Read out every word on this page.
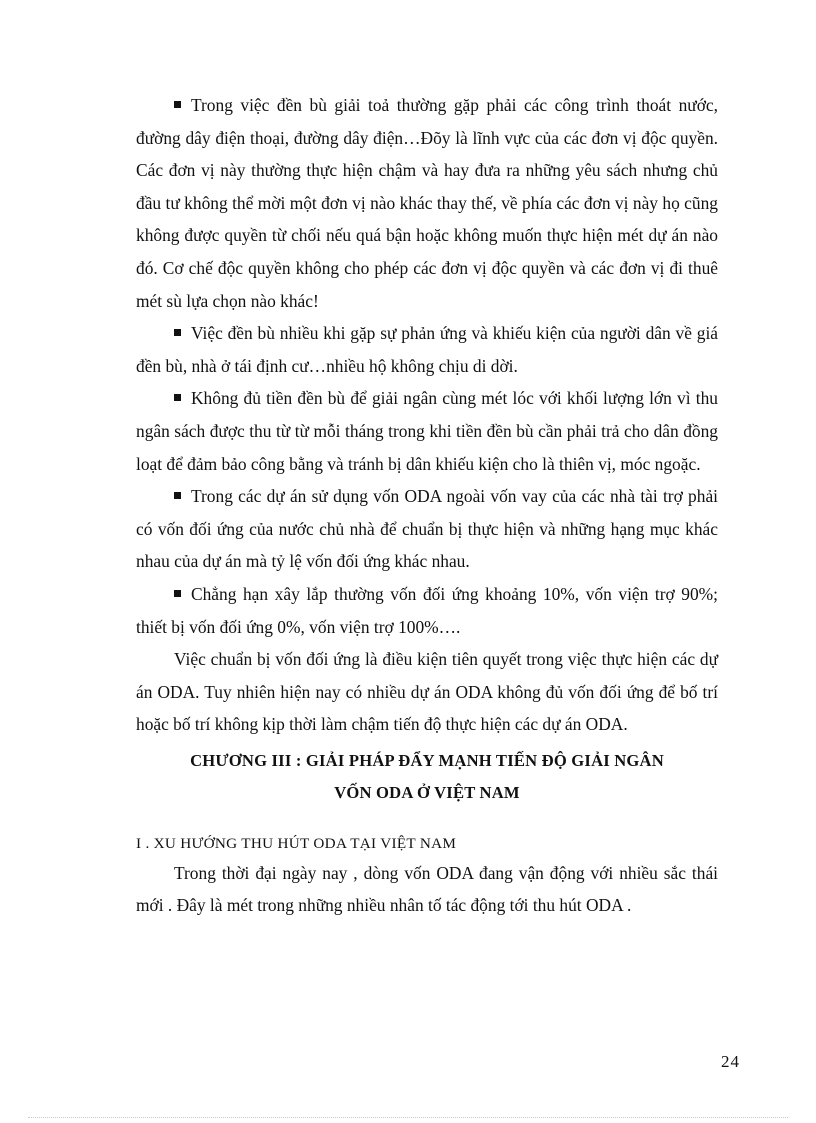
Trong việc đền bù giải toả thường gặp phải các công trình thoát nước, đường dây điện thoại, đường dây điện…Đõy là lĩnh vực của các đơn vị độc quyền. Các đơn vị này thường thực hiện chậm và hay đưa ra những yêu sách nhưng chủ đầu tư không thể mời một đơn vị nào khác thay thế, về phía các đơn vị này họ cũng không được quyền từ chối nếu quá bận hoặc không muốn thực hiện mét dự án nào đó. Cơ chế độc quyền không cho phép các đơn vị độc quyền và các đơn vị đi thuê mét sù lựa chọn nào khác!

Việc đền bù nhiều khi gặp sự phản ứng và khiếu kiện của người dân về giá đền bù, nhà ở tái định cư…nhiều hộ không chịu di dời.

Không đủ tiền đền bù để giải ngân cùng mét lóc với khối lượng lớn vì thu ngân sách được thu từ từ mỗi tháng trong khi tiền đền bù cần phải trả cho dân đồng loạt để đảm bảo công bằng và tránh bị dân khiếu kiện cho là thiên vị, móc ngoặc.

Trong các dự án sử dụng vốn ODA ngoài vốn vay của các nhà tài trợ phải có vốn đối ứng của nước chủ nhà để chuẩn bị thực hiện và những hạng mục khác nhau của dự án mà tỷ lệ vốn đối ứng khác nhau.

Chẳng hạn xây lắp thường vốn đối ứng khoảng 10%, vốn viện trợ 90%; thiết bị vốn đối ứng 0%, vốn viện trợ 100%….

Việc chuẩn bị vốn đối ứng là điều kiện tiên quyết trong việc thực hiện các dự án ODA. Tuy nhiên hiện nay có nhiều dự án ODA không đủ vốn đối ứng để bố trí hoặc bố trí không kịp thời làm chậm tiến độ thực hiện các dự án ODA.

CHƯƠNG III : GIẢI PHÁP ĐẨY MẠNH TIẾN ĐỘ GIẢI NGÂN
VỐN ODA Ở VIỆT NAM
I . XU HƯỚNG THU HÚT ODA TẠI VIỆT NAM

Trong thời đại ngày nay , dòng vốn ODA đang vận động với nhiều sắc thái mới . Đây là mét trong những nhiều nhân tố tác động tới thu hút ODA .

24
